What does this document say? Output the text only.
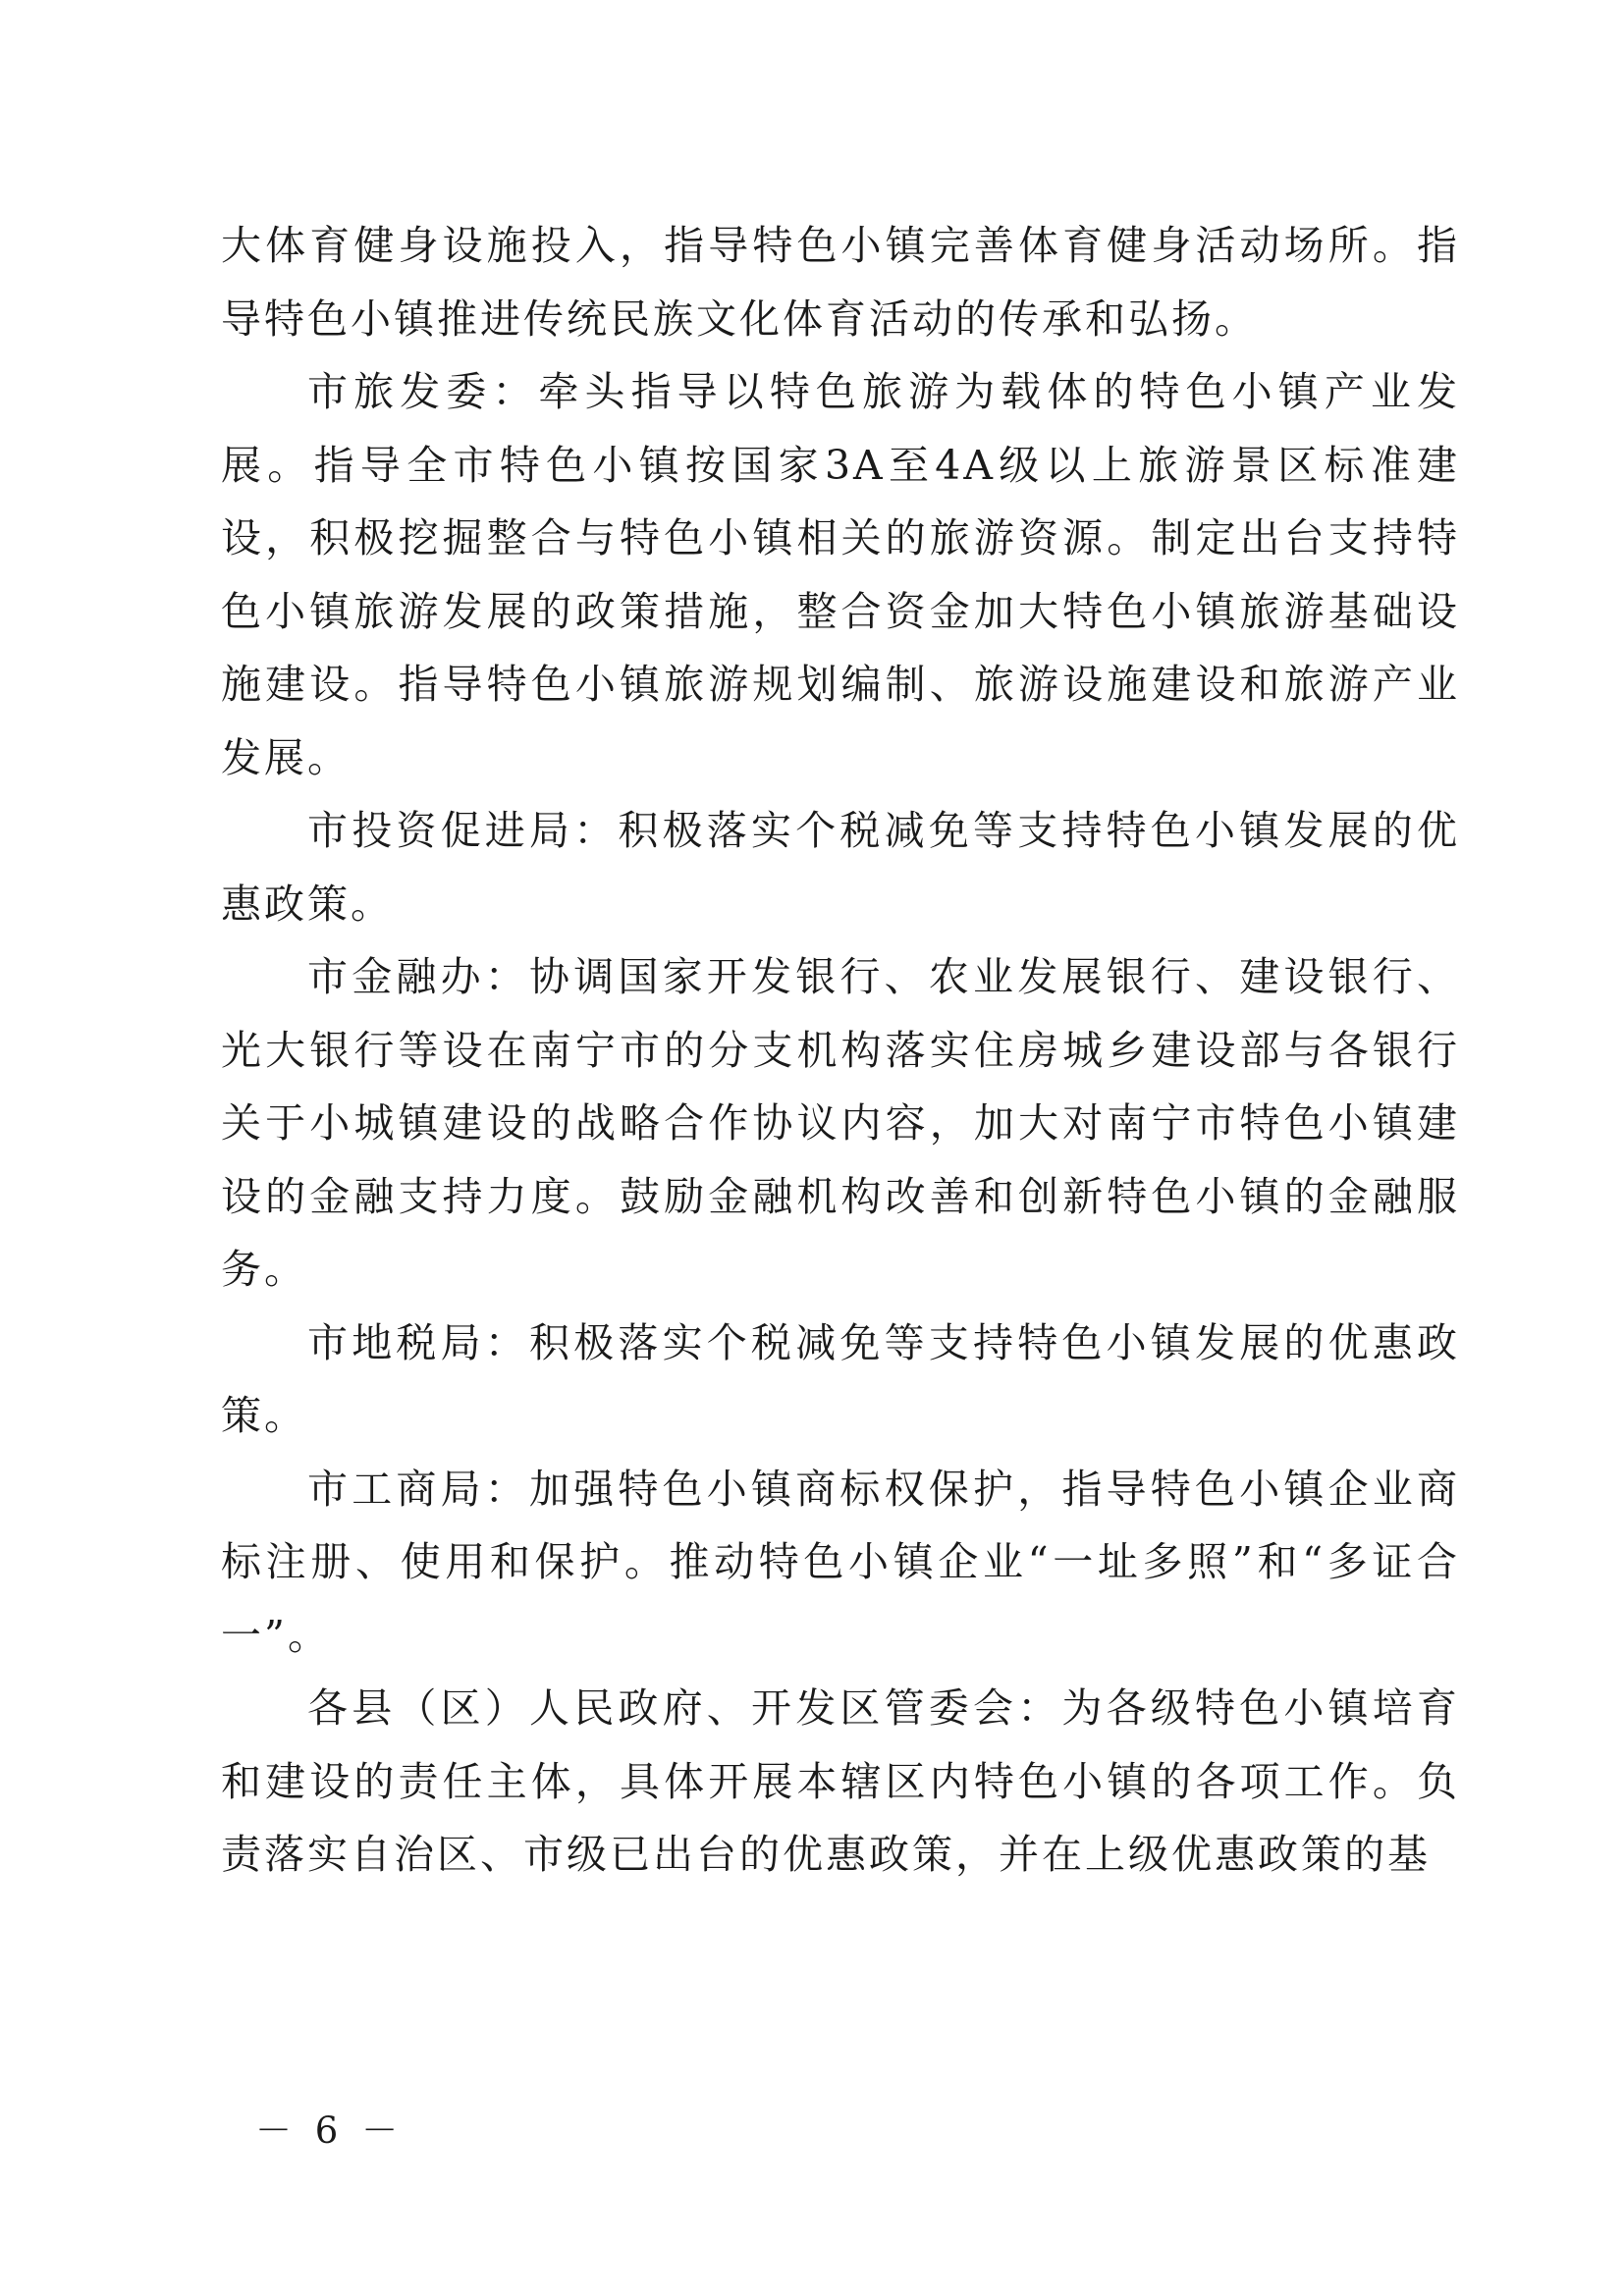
大体育健身设施投入，指导特色小镇完善体育健身活动场所。指导特色小镇推进传统民族文化体育活动的传承和弘扬。

市旅发委：牵头指导以特色旅游为载体的特色小镇产业发展。指导全市特色小镇按国家3A至4A级以上旅游景区标准建设，积极挖掘整合与特色小镇相关的旅游资源。制定出台支持特色小镇旅游发展的政策措施，整合资金加大特色小镇旅游基础设施建设。指导特色小镇旅游规划编制、旅游设施建设和旅游产业发展。

市投资促进局：积极落实个税减免等支持特色小镇发展的优惠政策。

市金融办：协调国家开发银行、农业发展银行、建设银行、光大银行等设在南宁市的分支机构落实住房城乡建设部与各银行关于小城镇建设的战略合作协议内容，加大对南宁市特色小镇建设的金融支持力度。鼓励金融机构改善和创新特色小镇的金融服务。

市地税局：积极落实个税减免等支持特色小镇发展的优惠政策。

市工商局：加强特色小镇商标权保护，指导特色小镇企业商标注册、使用和保护。推动特色小镇企业“一址多照”和“多证合一”。

各县（区）人民政府、开发区管委会：为各级特色小镇培育和建设的责任主体，具体开展本辖区内特色小镇的各项工作。负责落实自治区、市级已出台的优惠政策，并在上级优惠政策的基

－ 6 －
